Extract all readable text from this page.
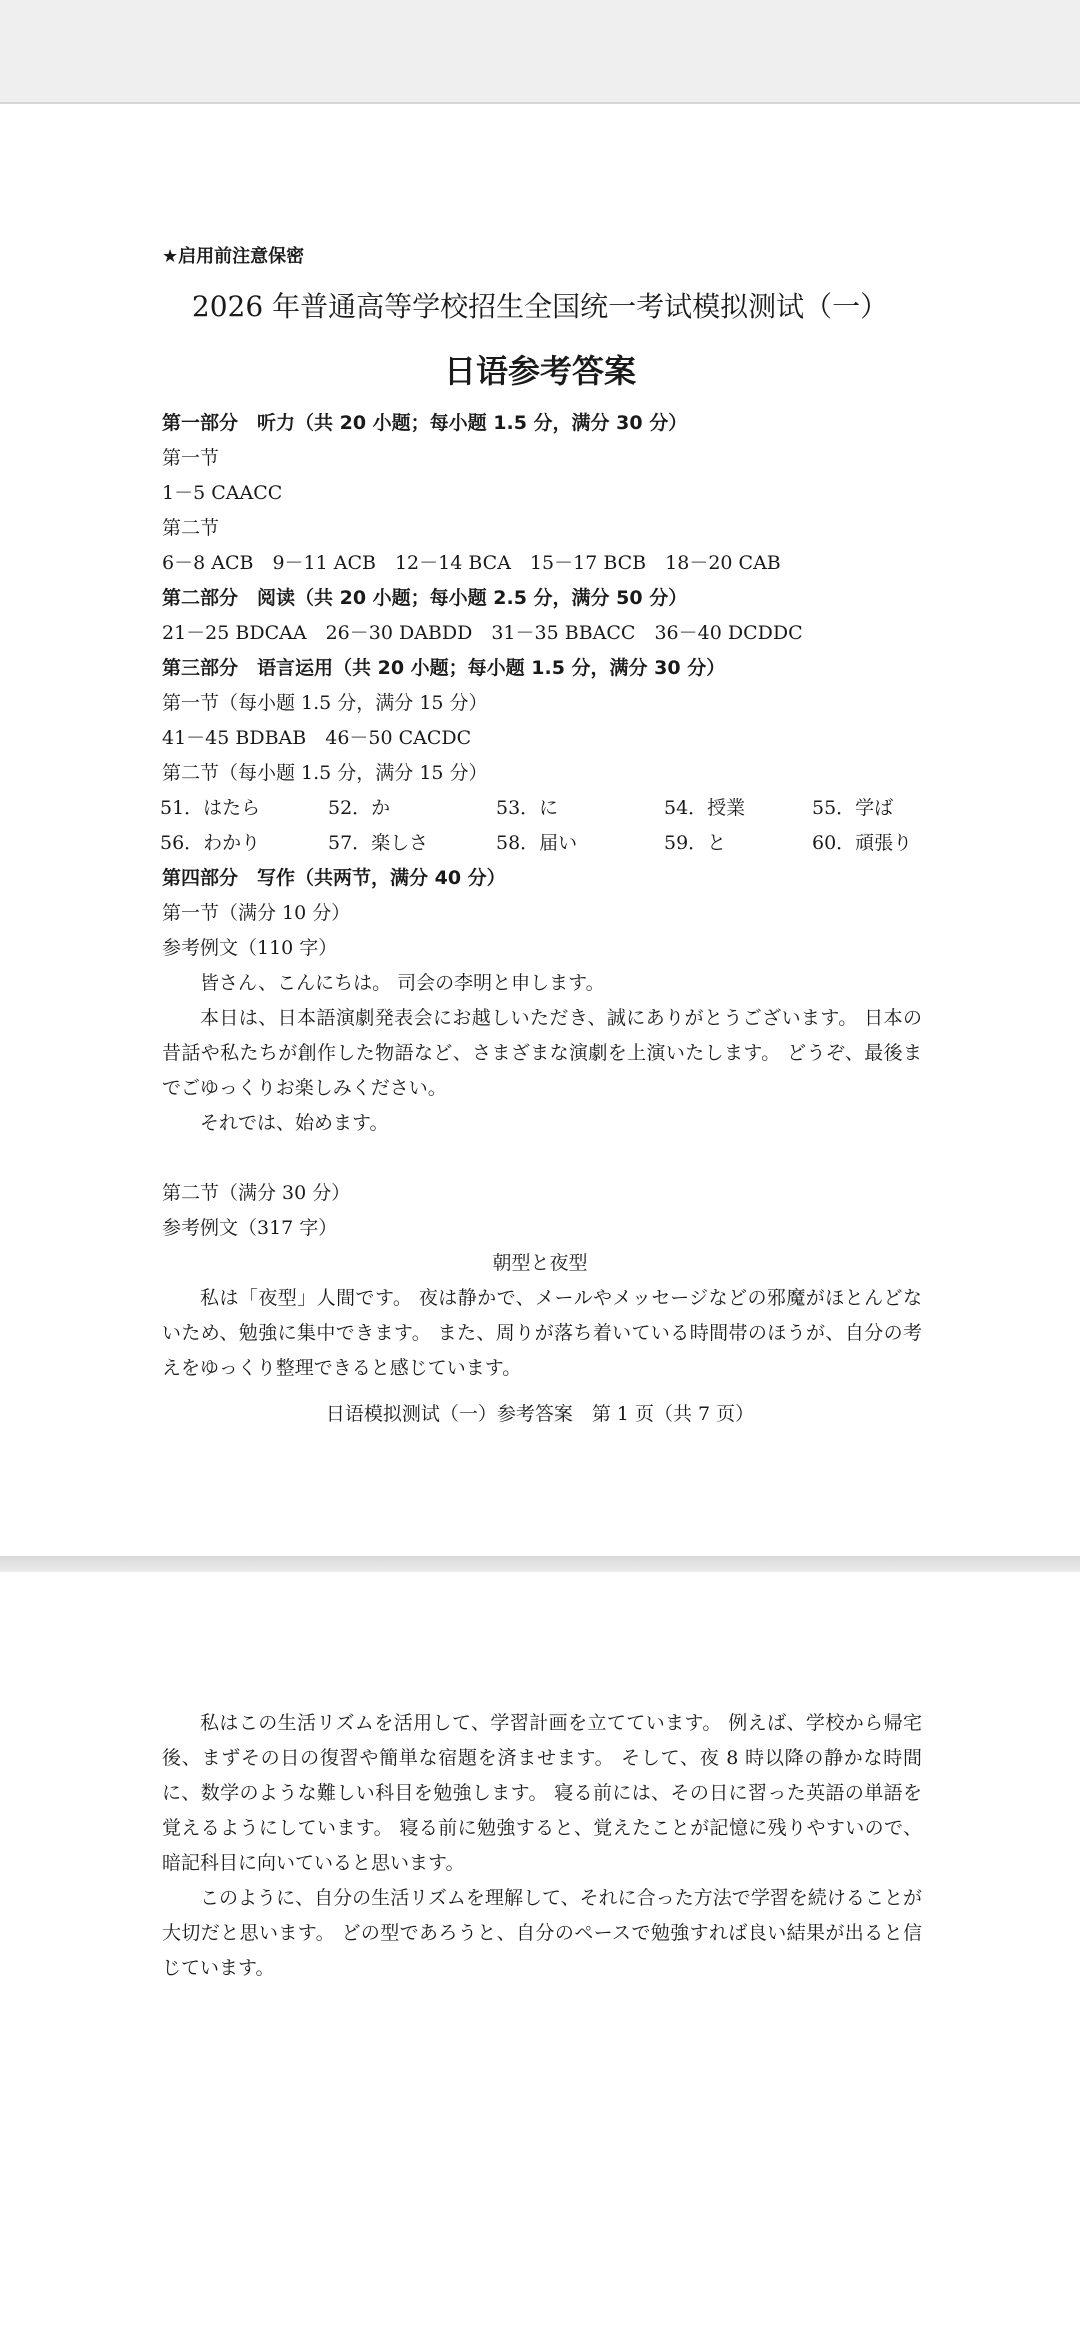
★启用前注意保密
2026 年普通高等学校招生全国统一考试模拟测试（一）
日语参考答案
第一部分　听力（共 20 小题；每小题 1.5 分，满分 30 分）
第一节
1－5 CAACC
第二节
6－8 ACB　9－11 ACB　12－14 BCA　15－17 BCB　18－20 CAB
第二部分　阅读（共 20 小题；每小题 2.5 分，满分 50 分）
21－25 BDCAA　26－30 DABDD　31－35 BBACC　36－40 DCDDC
第三部分　语言运用（共 20 小题；每小题 1.5 分，满分 30 分）
第一节（每小题 1.5 分，满分 15 分）
41－45 BDBAB　46－50 CACDC
第二节（每小题 1.5 分，满分 15 分）
51．はたら	52．か	53．に	54．授業	55．学ば
56．わかり	57．楽しさ	58．届い	59．と	60．頑張り
第四部分　写作（共两节，满分 40 分）
第一节（满分 10 分）
参考例文（110 字）
皆さん、こんにちは。 司会の李明と申します。
本日は、日本語演劇発表会にお越しいただき、誠にありがとうございます。 日本の昔話や私たちが創作した物語など、さまざまな演劇を上演いたします。 どうぞ、最後までごゆっくりお楽しみください。
それでは、始めます。
第二节（满分 30 分）
参考例文（317 字）
朝型と夜型
私は「夜型」人間です。 夜は静かで、メールやメッセージなどの邪魔がほとんどないため、勉強に集中できます。 また、周りが落ち着いている時間帯のほうが、自分の考えをゆっくり整理できると感じています。
日语模拟测试（一）参考答案　第 1 页（共 7 页）
私はこの生活リズムを活用して、学習計画を立てています。 例えば、学校から帰宅後、まずその日の復習や簡単な宿題を済ませます。 そして、夜 8 時以降の静かな時間に、数学のような難しい科目を勉強します。 寝る前には、その日に習った英語の単語を覚えるようにしています。 寝る前に勉強すると、覚えたことが記憶に残りやすいので、暗記科目に向いていると思います。
このように、自分の生活リズムを理解して、それに合った方法で学習を続けることが大切だと思います。 どの型であろうと、自分のペースで勉強すれば良い結果が出ると信じています。
